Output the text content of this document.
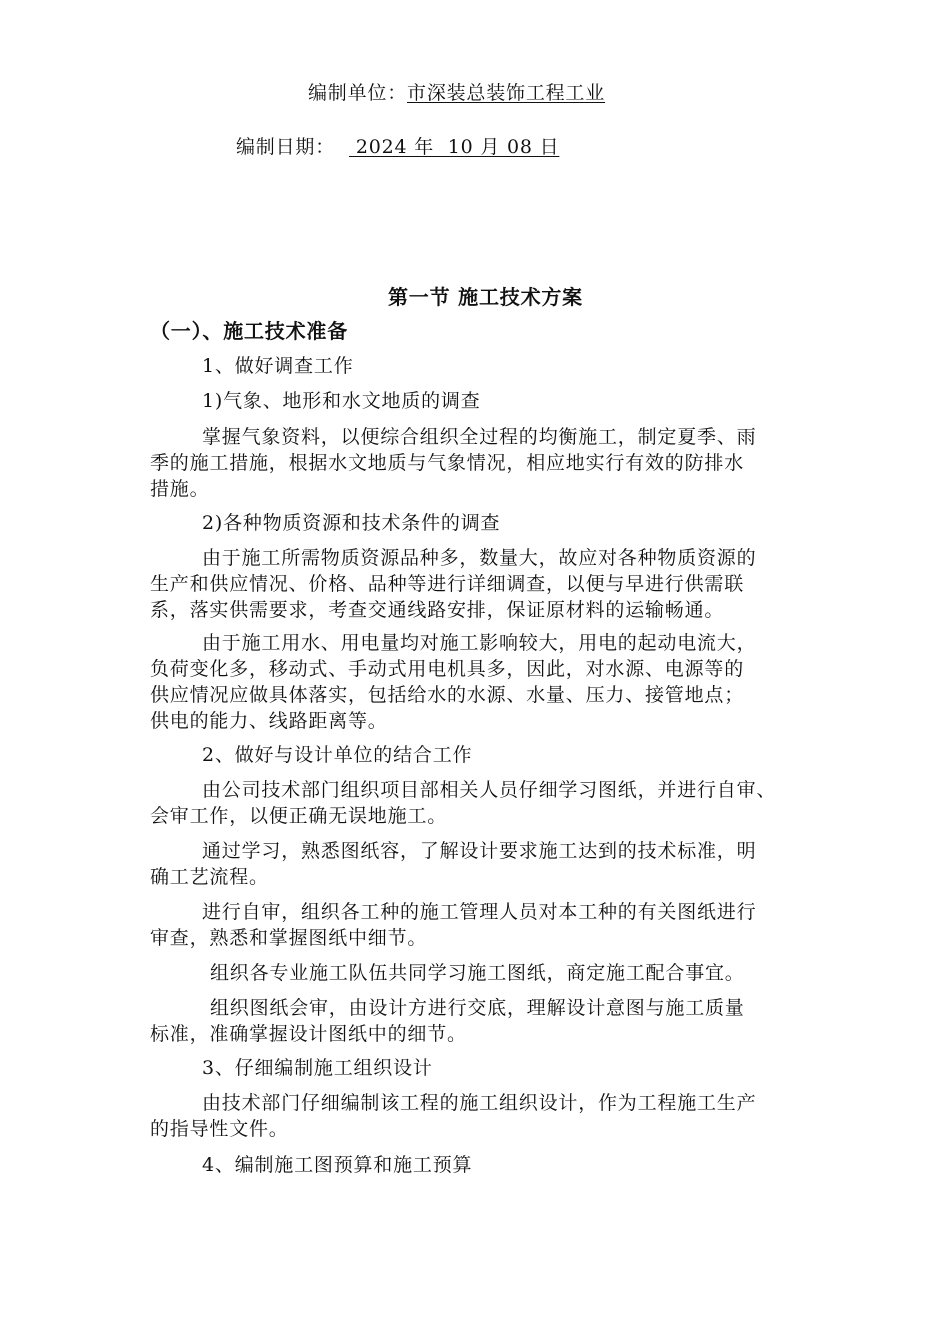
编制单位：市深装总装饰工程工业
编制日期： 2024 年  10 月 08 日
第一节 施工技术方案
（一）、施工技术准备
1、做好调查工作
1)气象、地形和水文地质的调查
掌握气象资料，以便综合组织全过程的均衡施工，制定夏季、雨
季的施工措施，根据水文地质与气象情况，相应地实行有效的防排水
措施。
2)各种物质资源和技术条件的调查
由于施工所需物质资源品种多，数量大，故应对各种物质资源的
生产和供应情况、价格、品种等进行详细调查，以便与早进行供需联
系，落实供需要求，考查交通线路安排，保证原材料的运输畅通。
由于施工用水、用电量均对施工影响较大，用电的起动电流大，
负荷变化多，移动式、手动式用电机具多，因此，对水源、电源等的
供应情况应做具体落实，包括给水的水源、水量、压力、接管地点；
供电的能力、线路距离等。
2、做好与设计单位的结合工作
由公司技术部门组织项目部相关人员仔细学习图纸，并进行自审、
会审工作，以便正确无误地施工。
通过学习，熟悉图纸容，了解设计要求施工达到的技术标准，明
确工艺流程。
进行自审，组织各工种的施工管理人员对本工种的有关图纸进行
审查，熟悉和掌握图纸中细节。
组织各专业施工队伍共同学习施工图纸，商定施工配合事宜。
组织图纸会审，由设计方进行交底，理解设计意图与施工质量
标准，准确掌握设计图纸中的细节。
3、仔细编制施工组织设计
由技术部门仔细编制该工程的施工组织设计，作为工程施工生产
的指导性文件。
4、编制施工图预算和施工预算
